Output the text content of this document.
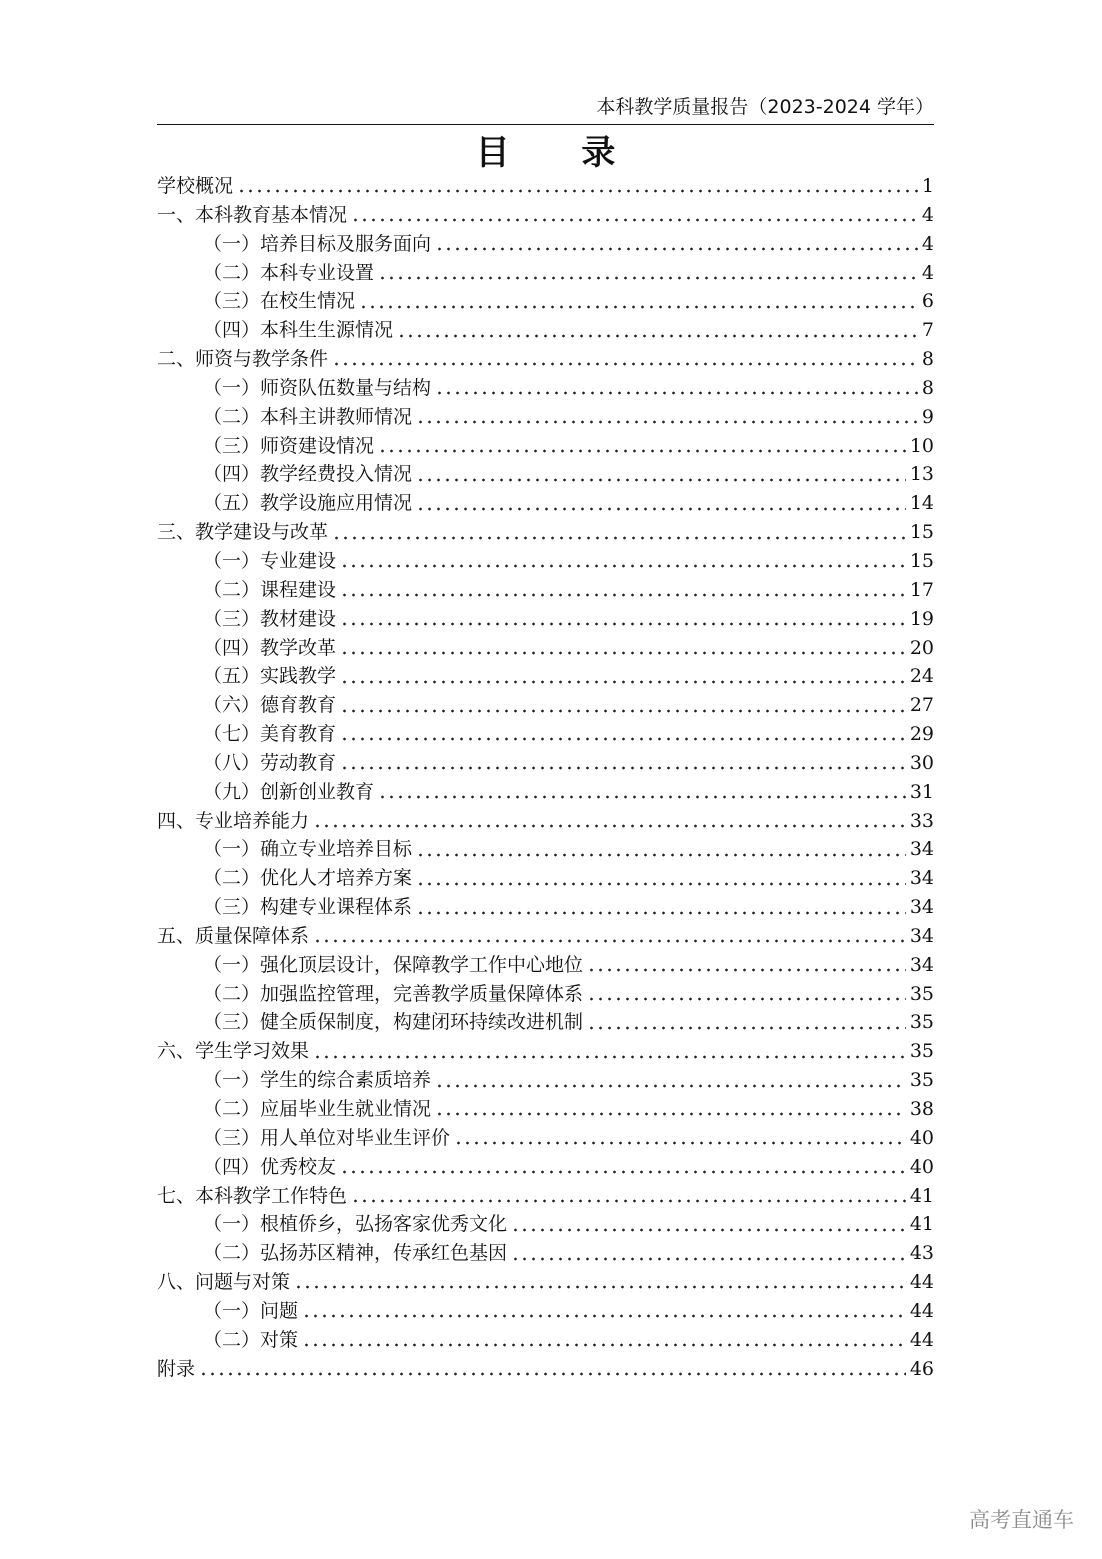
本科教学质量报告（2023-2024 学年）
目 录
学校概况	1
一、本科教育基本情况	4
（一）培养目标及服务面向	4
（二）本科专业设置	4
（三）在校生情况	6
（四）本科生生源情况	7
二、师资与教学条件	8
（一）师资队伍数量与结构	8
（二）本科主讲教师情况	9
（三）师资建设情况	10
（四）教学经费投入情况	13
（五）教学设施应用情况	14
三、教学建设与改革	15
（一）专业建设	15
（二）课程建设	17
（三）教材建设	19
（四）教学改革	20
（五）实践教学	24
（六）德育教育	27
（七）美育教育	29
（八）劳动教育	30
（九）创新创业教育	31
四、专业培养能力	33
（一）确立专业培养目标	34
（二）优化人才培养方案	34
（三）构建专业课程体系	34
五、质量保障体系	34
（一）强化顶层设计，保障教学工作中心地位	34
（二）加强监控管理，完善教学质量保障体系	35
（三）健全质保制度，构建闭环持续改进机制	35
六、学生学习效果	35
（一）学生的综合素质培养	35
（二）应届毕业生就业情况	38
（三）用人单位对毕业生评价	40
（四）优秀校友	40
七、本科教学工作特色	41
（一）根植侨乡，弘扬客家优秀文化	41
（二）弘扬苏区精神，传承红色基因	43
八、问题与对策	44
（一）问题	44
（二）对策	44
附录	46
高考直通车
